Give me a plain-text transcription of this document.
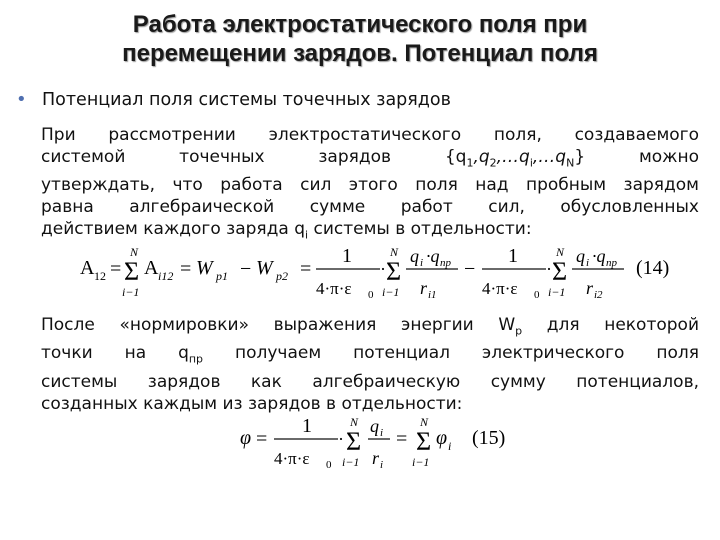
Работа электростатического поля при
перемещении зарядов. Потенциал поля
• Потенциал поля системы точечных зарядов
При рассмотрении электростатического поля, создаваемого
системой точечных зарядов $\{q_1,q_2,\dots q_i,\dots q_N\}$ можно
утверждать, что работа сил этого поля над пробным зарядом
равна алгебраической сумме работ сил, обусловленных
действием каждого заряда $q_i$ системы в отдельности:
A 12 =
N
Σ
i−1
A i12 = W p1 − W p2 =
1
4·π·ε 0
·
N
Σ
i−1
q i ·q пр
r i1
−
1
4·π·ε 0
·
N
Σ
i−1
q i ·q пр
r i2
(14)
После «нормировки» выражения энергии $W_p$ для некоторой
точки на $q_{пр}$ получаем потенциал электрического поля
системы зарядов как алгебраическую сумму потенциалов,
созданных каждым из зарядов в отдельности:
φ =
1
4·π·ε 0
·
N
Σ
i−1
q i
r i
=
N
Σ
i−1
φ i (15)
